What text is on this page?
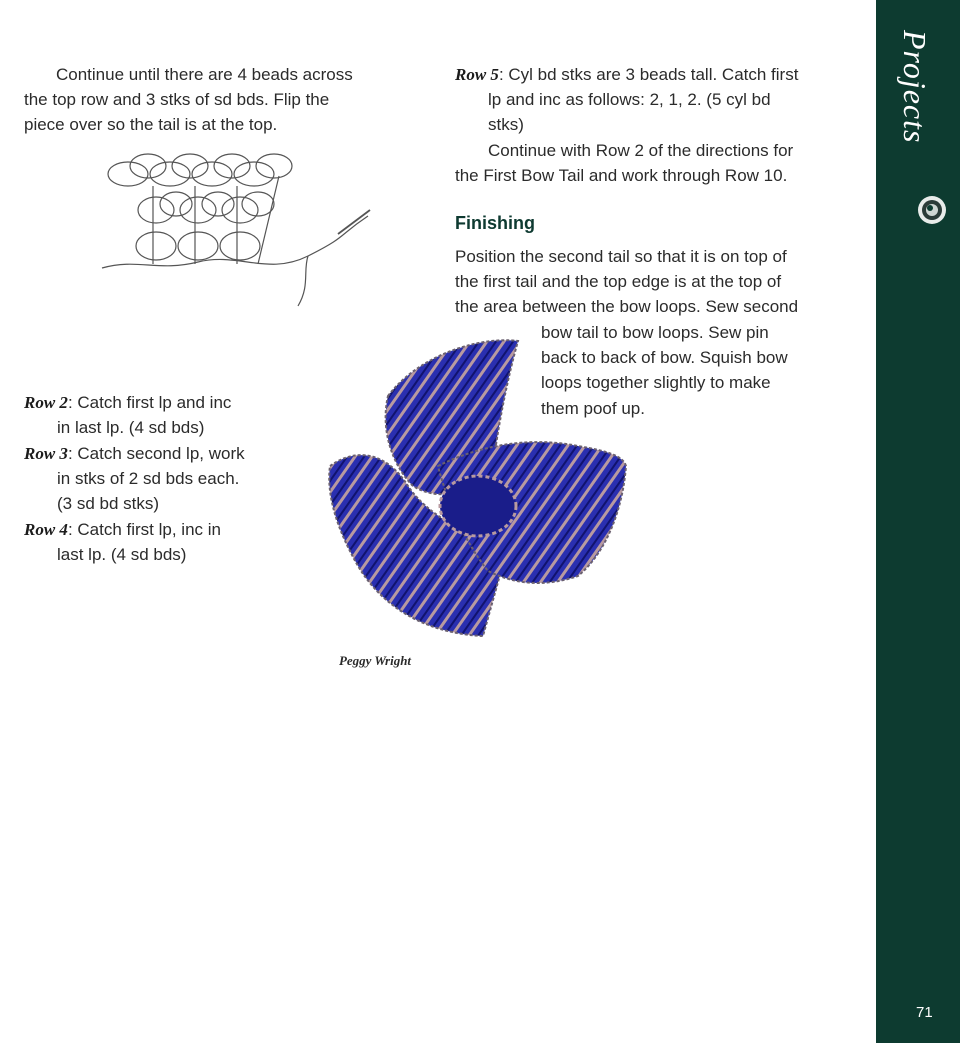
Continue until there are 4 beads across

the top row and 3 stks of sd bds. Flip the

piece over so the tail is at the top.

Row 2: Catch first lp and inc

in last lp. (4 sd bds)

Row 3: Catch second lp, work

in stks of 2 sd bds each.

(3 sd bd stks)

Row 4: Catch first lp, inc in

last lp. (4 sd bds)

Row 5: Cyl bd stks are 3 beads tall. Catch first

lp and inc as follows: 2, 1, 2. (5 cyl bd

stks)

Continue with Row 2 of the directions for

the First Bow Tail and work through Row 10.

Finishing

Position the second tail so that it is on top of

the first tail and the top edge is at the top of

the area between the bow loops. Sew second

bow tail to bow loops. Sew pin

back to back of bow. Squish bow

loops together slightly to make

them poof up.

Peggy Wright
Projects
71
